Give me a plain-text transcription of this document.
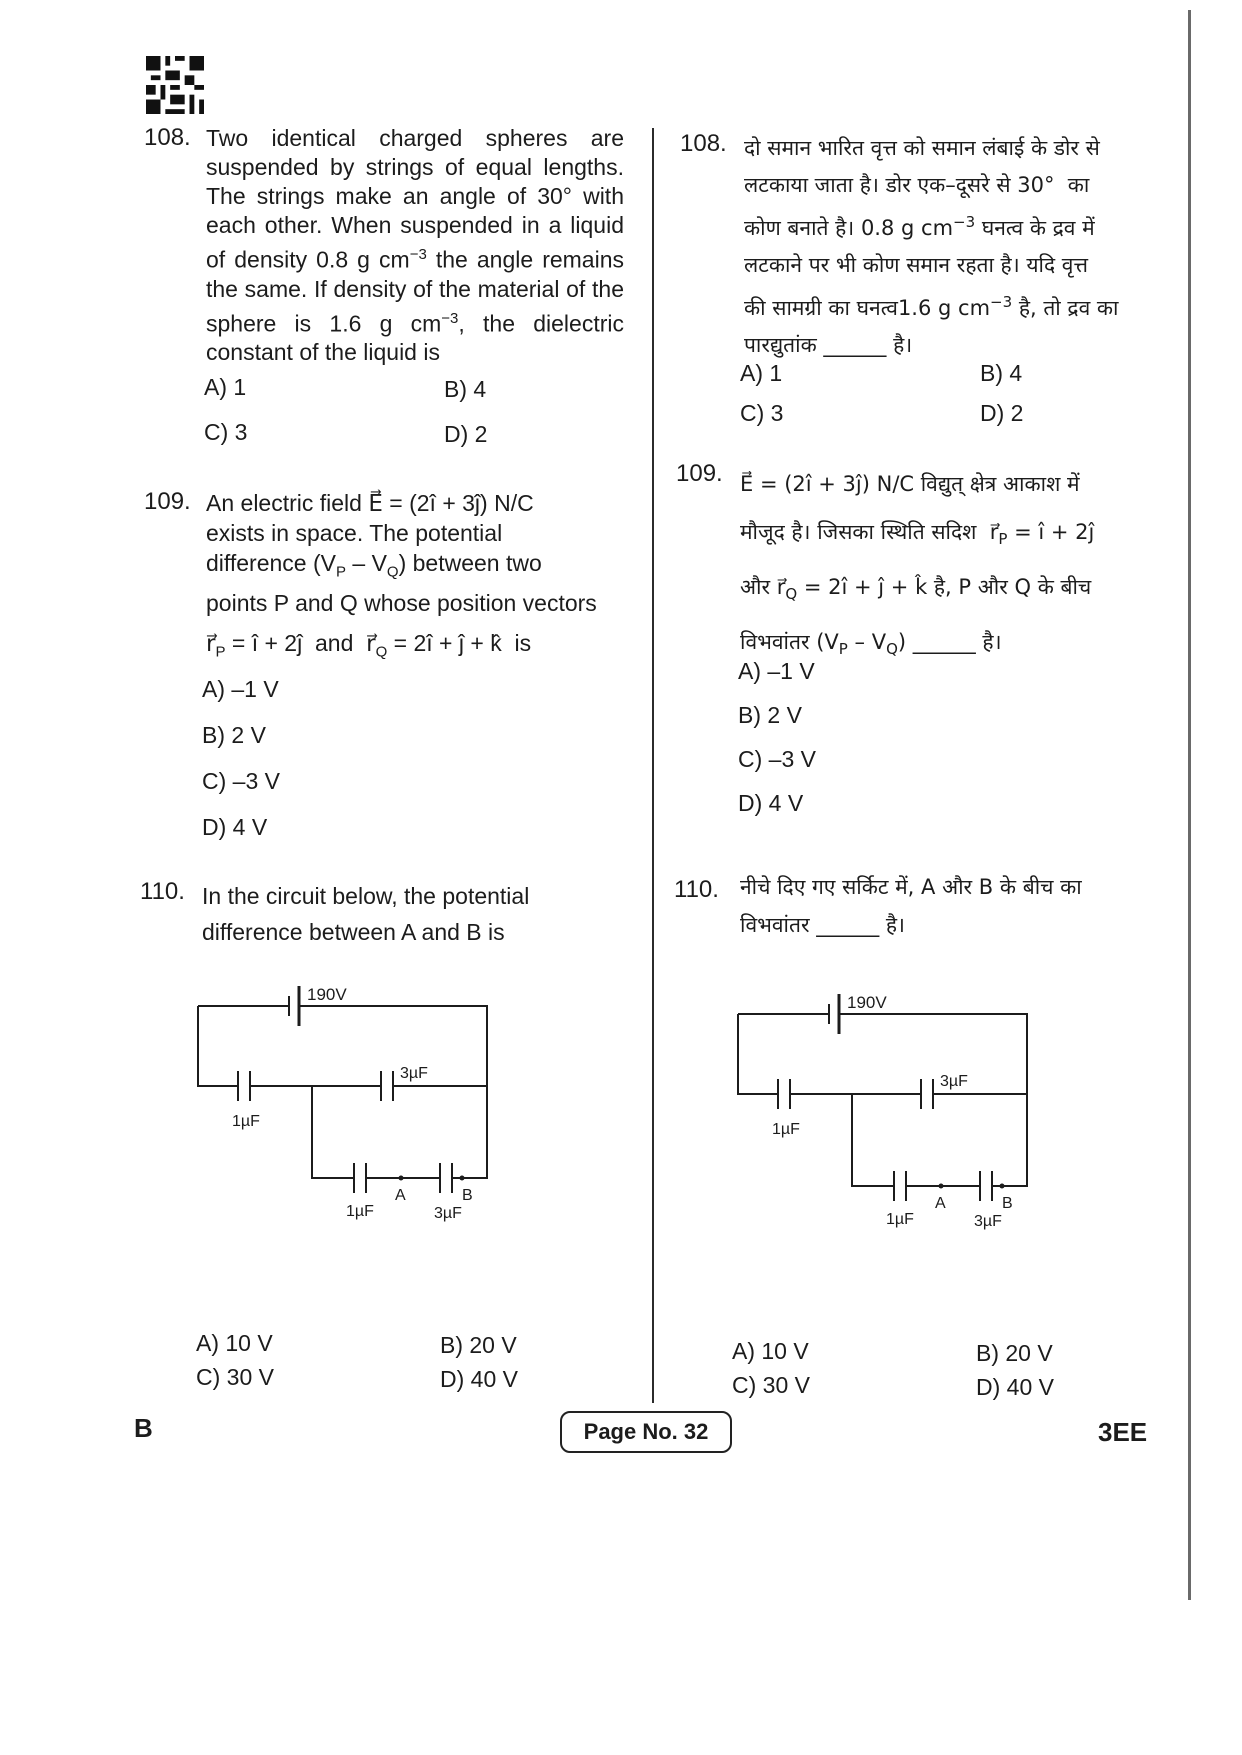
108. Two identical charged spheres are suspended by strings of equal lengths. The strings make an angle of 30° with each other. When suspended in a liquid of density 0.8 g $cm^{-3}$ the angle remains the same. If density of the material of the sphere is 1.6 g $cm^{-3}$, the dielectric constant of the liquid is
A) 1	B) 4
C) 3	D) 2
109. An electric field E⃗ = (2î + 3ĵ) N/C
exists in space. The potential
difference $(V_P - V_Q)$ between two
points P and Q whose position vectors
$r⃗_P$ = î + 2ĵ  and  $r⃗_Q$ = 2î + ĵ + k̂  is
A) –1 V
B) 2 V
C) –3 V
D) 4 V
110. In the circuit below, the potential difference between A and B is
190V
1µF
3µF
1µF	3µF
A	B
A) 10 V	B) 20 V
C) 30 V	D) 40 V
108. दो समान भारित वृत्त को समान लंबाई के डोर से
लटकाया जाता है। डोर एक–दूसरे से 30°  का
कोण बनाते है। 0.8 g $cm^{-3}$ घनत्व के द्रव में
लटकाने पर भी कोण समान रहता है। यदि वृत्त
की सामग्री का घनत्व1.6 g $cm^{-3}$ है, तो द्रव का
पारद्युतांक ______ है।
A) 1	B) 4
C) 3	D) 2
109. E⃗ = (2î + 3ĵ) N/C विद्युत् क्षेत्र आकाश में
मौजूद है। जिसका स्थिति सदिश  $r⃗_P$ = î + 2ĵ
और $r⃗_Q$ = 2î + ĵ + k̂ है, P और Q के बीच
विभवांतर $(V_P - V_Q)$ ______ है।
A) –1 V
B) 2 V
C) –3 V
D) 4 V
110. नीचे दिए गए सर्किट में, A और B के बीच का
विभवांतर ______ है।
190V
1µF
3µF
1µF	3µF
A	B
A) 10 V	B) 20 V
C) 30 V	D) 40 V
B	Page No. 32	3EE
